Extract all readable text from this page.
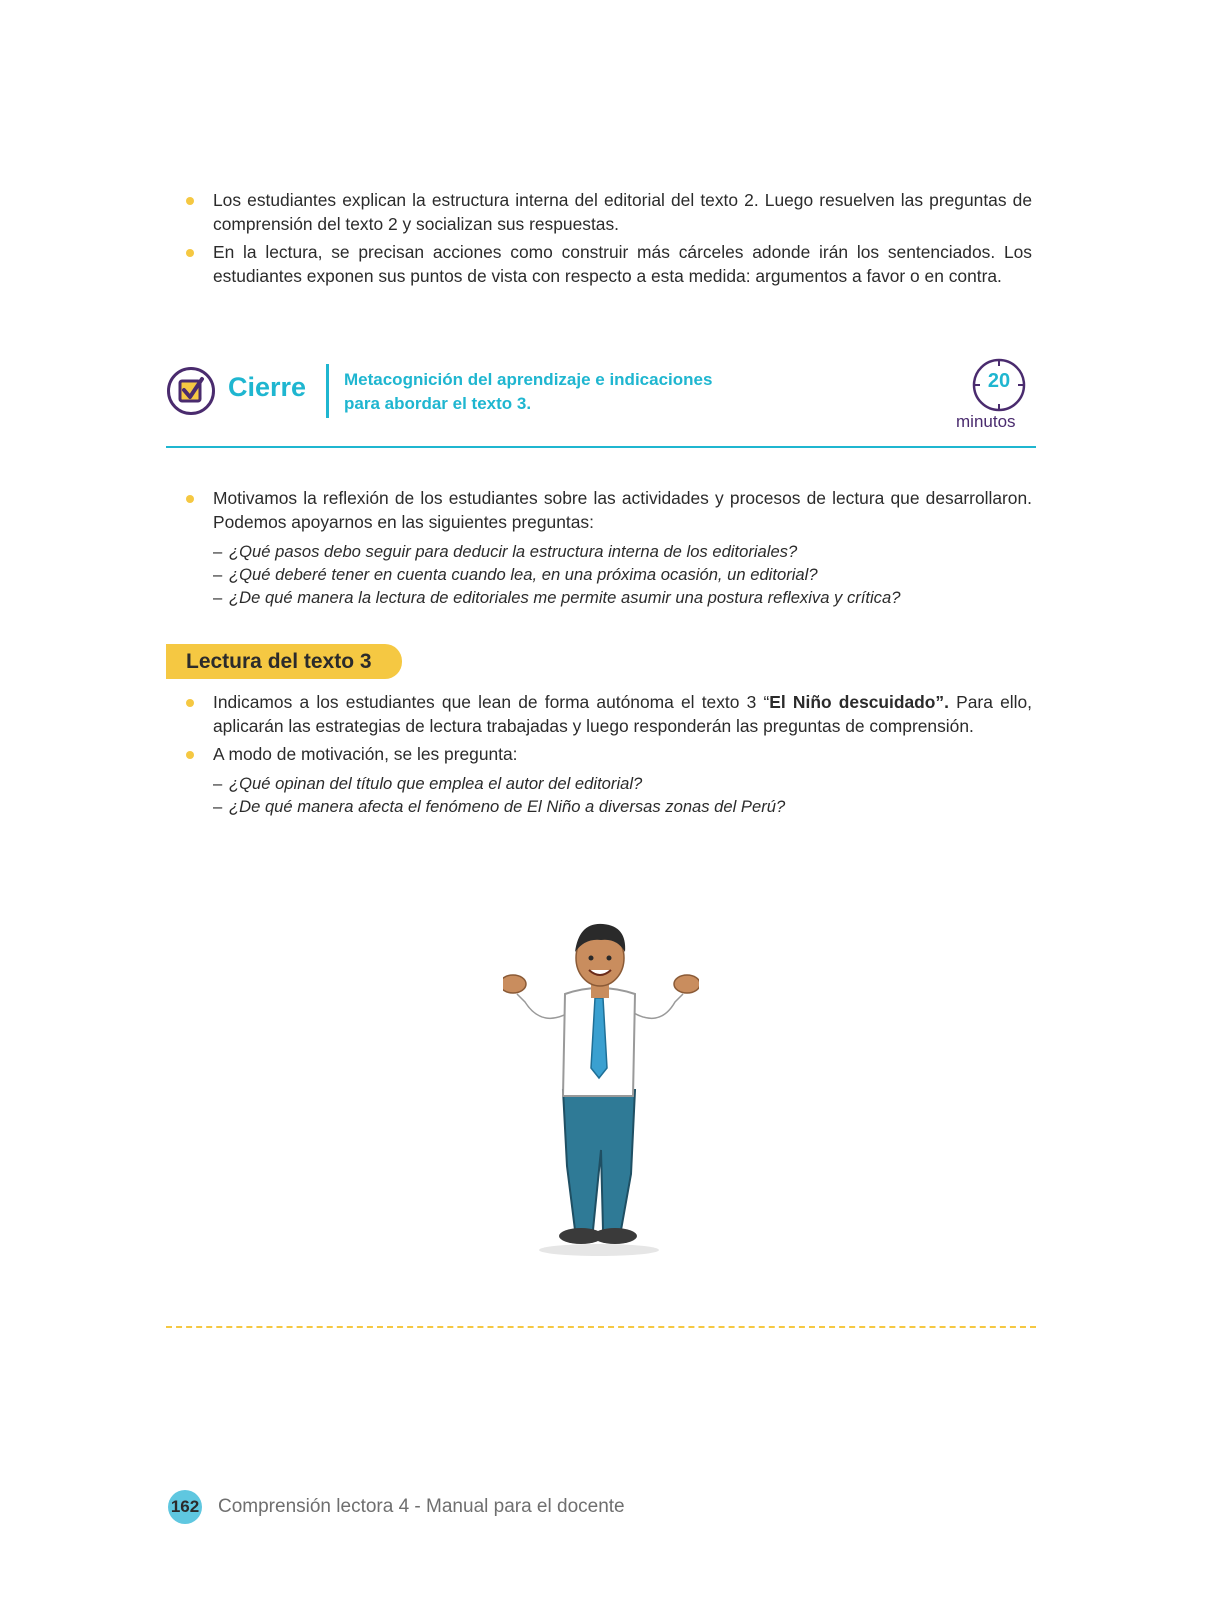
Los estudiantes explican la estructura interna del editorial del texto 2. Luego resuelven las preguntas de comprensión del texto 2 y socializan sus respuestas.
En la lectura, se precisan acciones como construir más cárceles adonde irán los sentenciados. Los estudiantes exponen sus puntos de vista con respecto a esta medida: argumentos a favor o en contra.
Cierre Metacognición del aprendizaje e indicaciones
para abordar el texto 3.
20
minutos
Motivamos la reflexión de los estudiantes sobre las actividades y procesos de lectura que desarrollaron. Podemos apoyarnos en las siguientes preguntas:
– ¿Qué pasos debo seguir para deducir la estructura interna de los editoriales?
– ¿Qué deberé tener en cuenta cuando lea, en una próxima ocasión, un editorial?
– ¿De qué manera la lectura de editoriales me permite asumir una postura reflexiva y crítica?
Lectura del texto 3
Indicamos a los estudiantes que lean de forma autónoma el texto 3 “El Niño descuidado”. Para ello, aplicarán las estrategias de lectura trabajadas y luego responderán las preguntas de comprensión.
A modo de motivación, se les pregunta:
– ¿Qué opinan del título que emplea el autor del editorial?
– ¿De qué manera afecta el fenómeno de El Niño a diversas zonas del Perú?
162 Comprensión lectora 4 - Manual para el docente
